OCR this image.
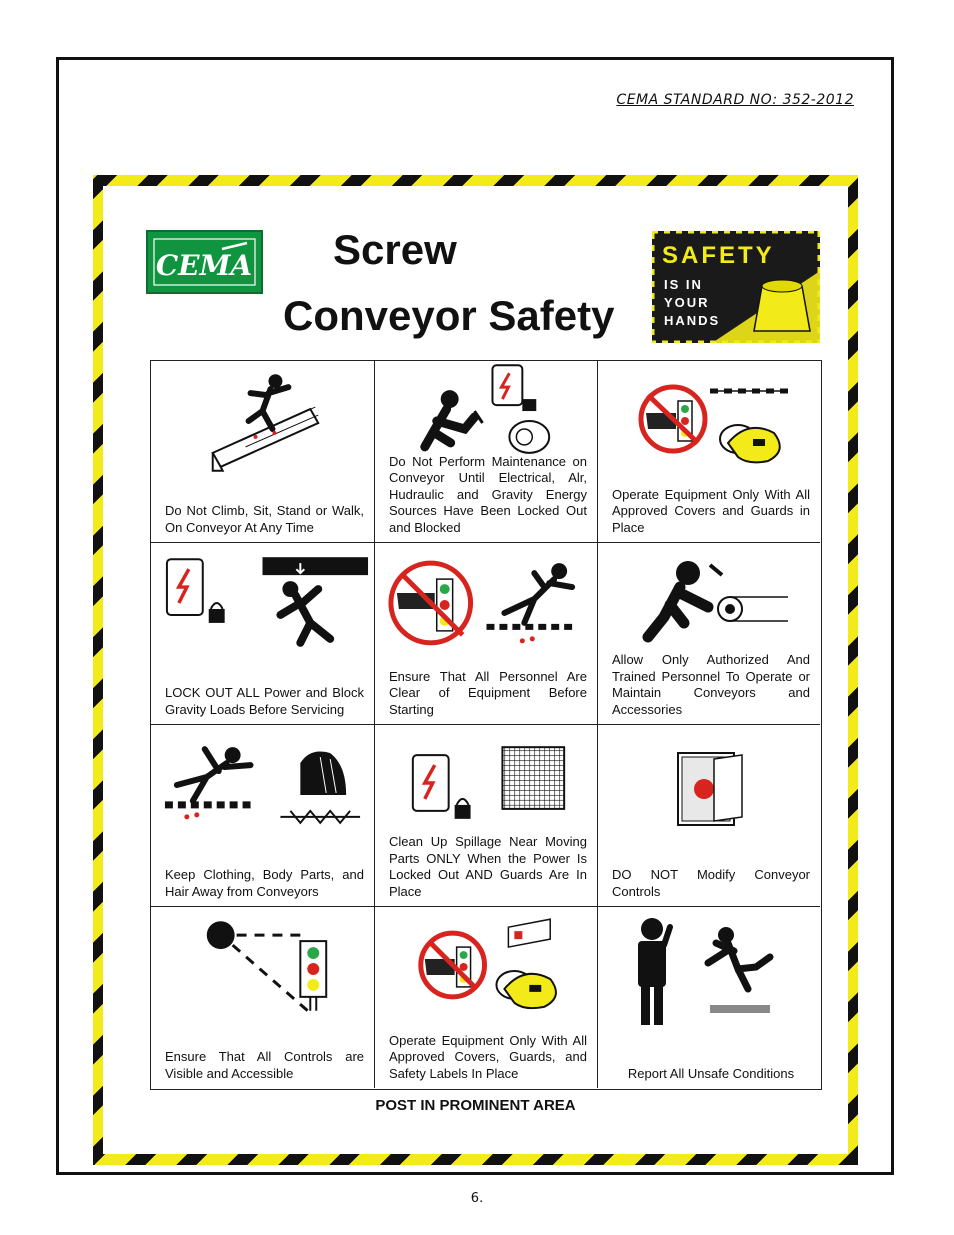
CEMA STANDARD NO: 352-2012
CEMA Screw
Conveyor Safety
SAFETY
IS IN
YOUR
HANDS
Do Not Climb, Sit, Stand or Walk, On Conveyor At Any Time
Do Not Perform Maintenance on Conveyor Until Electrical, Alr, Hudraulic and Gravity Energy Sources Have Been Locked Out and Blocked
Operate Equipment Only With All Approved Covers and Guards in Place
LOCK OUT ALL Power and Block Gravity Loads Before Servicing
Ensure That All Personnel Are Clear of Equipment Before Starting
Allow Only Authorized And Trained Personnel To Operate or Maintain Conveyors and Accessories
Keep Clothing, Body Parts, and Hair Away from Conveyors
Clean Up Spillage Near Moving Parts ONLY When the Power Is Locked Out AND Guards Are In Place
DO NOT Modify Conveyor Controls
Ensure That All Controls are Visible and Accessible
Operate Equipment Only With All Approved Covers, Guards, and Safety Labels In Place	Report All Unsafe Conditions
POST IN PROMINENT AREA
6.
